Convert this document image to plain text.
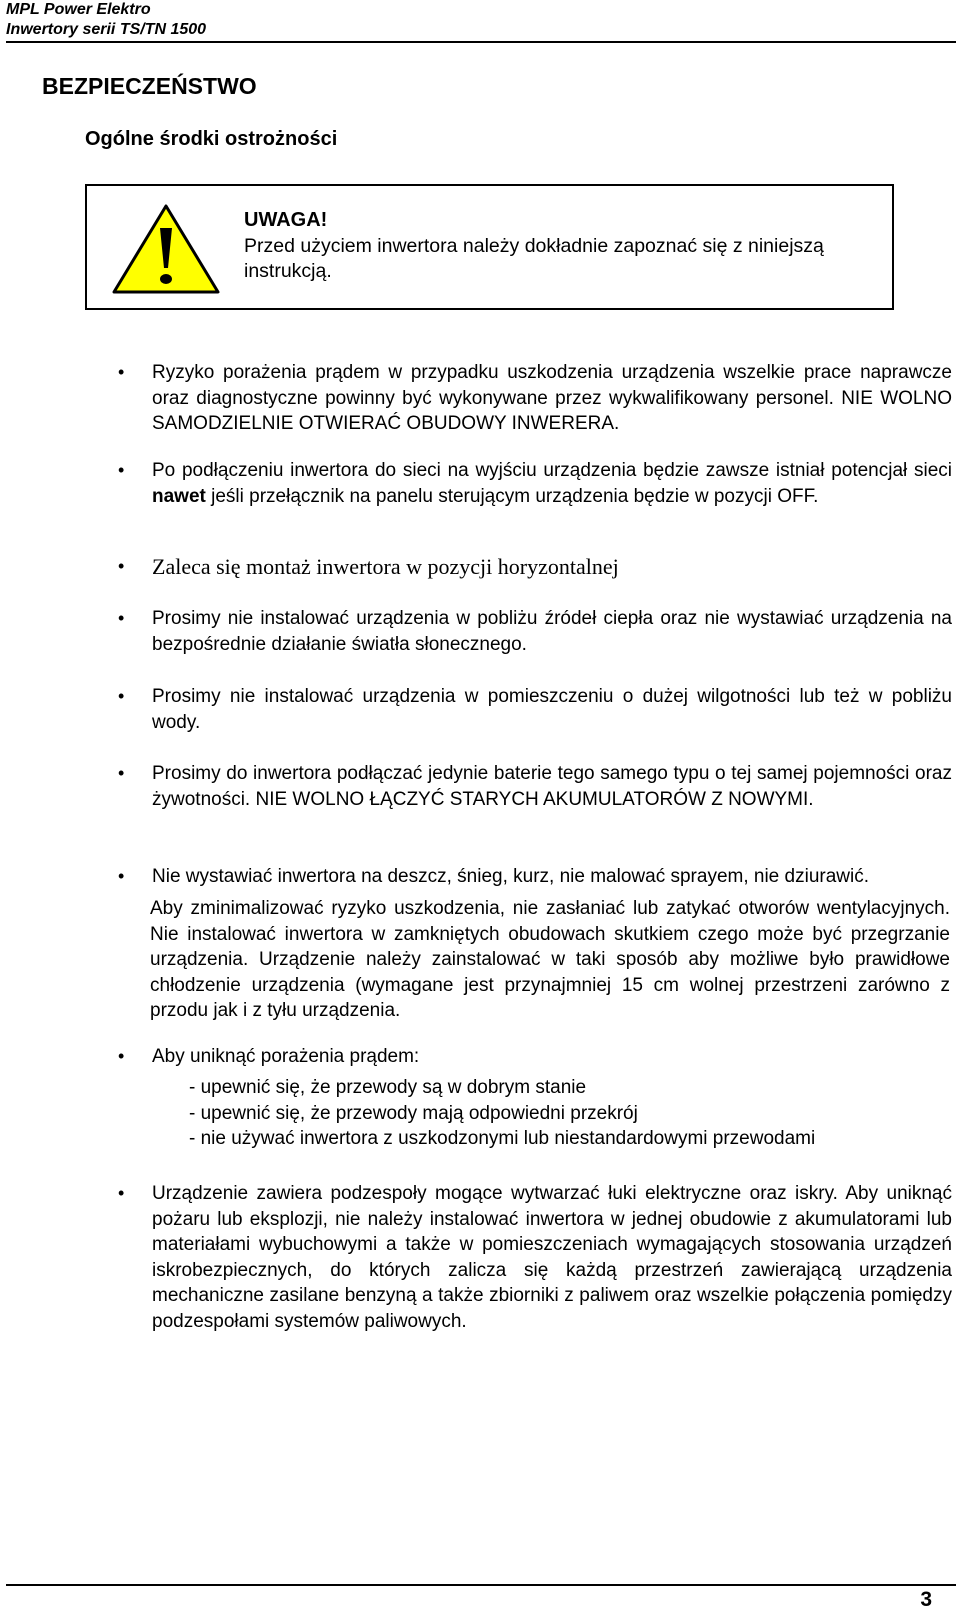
MPL Power Elektro
Inwertory serii TS/TN 1500
BEZPIECZEŃSTWO
Ogólne środki ostrożności
UWAGA!
Przed użyciem inwertora należy dokładnie zapoznać się z niniejszą instrukcją.
• Ryzyko porażenia prądem w przypadku uszkodzenia urządzenia wszelkie prace naprawcze oraz diagnostyczne powinny być wykonywane przez wykwalifikowany personel. NIE WOLNO SAMODZIELNIE OTWIERAĆ OBUDOWY INWERERA.
• Po podłączeniu inwertora do sieci na wyjściu urządzenia będzie zawsze istniał potencjał sieci nawet jeśli przełącznik na panelu sterującym urządzenia będzie w pozycji OFF.
• Zaleca się montaż inwertora w pozycji horyzontalnej
• Prosimy nie instalować urządzenia w pobliżu źródeł ciepła oraz nie wystawiać urządzenia na bezpośrednie działanie światła słonecznego.
• Prosimy nie instalować urządzenia w pomieszczeniu o dużej wilgotności lub też w pobliżu wody.
• Prosimy do inwertora podłączać jedynie baterie tego samego typu o tej samej pojemności oraz żywotności. NIE WOLNO ŁĄCZYĆ STARYCH AKUMULATORÓW Z NOWYMI.
• Nie wystawiać inwertora na deszcz, śnieg, kurz, nie malować sprayem, nie dziurawić.
Aby zminimalizować ryzyko uszkodzenia, nie zasłaniać lub zatykać otworów wentylacyjnych. Nie instalować inwertora w zamkniętych obudowach skutkiem czego może być przegrzanie urządzenia. Urządzenie należy zainstalować w taki sposób aby możliwe było prawidłowe chłodzenie urządzenia (wymagane jest przynajmniej 15 cm wolnej przestrzeni zarówno z przodu jak i z tyłu urządzenia.
• Aby uniknąć porażenia prądem:
- upewnić się, że przewody są w dobrym stanie
- upewnić się, że przewody mają odpowiedni przekrój
- nie używać inwertora z uszkodzonymi lub niestandardowymi przewodami
• Urządzenie zawiera podzespoły mogące wytwarzać łuki elektryczne oraz iskry. Aby uniknąć pożaru lub eksplozji, nie należy instalować inwertora w jednej obudowie z akumulatorami lub materiałami wybuchowymi a także w pomieszczeniach wymagających stosowania urządzeń iskrobezpiecznych, do których zalicza się każdą przestrzeń zawierającą urządzenia mechaniczne zasilane benzyną a także zbiorniki z paliwem oraz wszelkie połączenia pomiędzy podzespołami systemów paliwowych.
3
